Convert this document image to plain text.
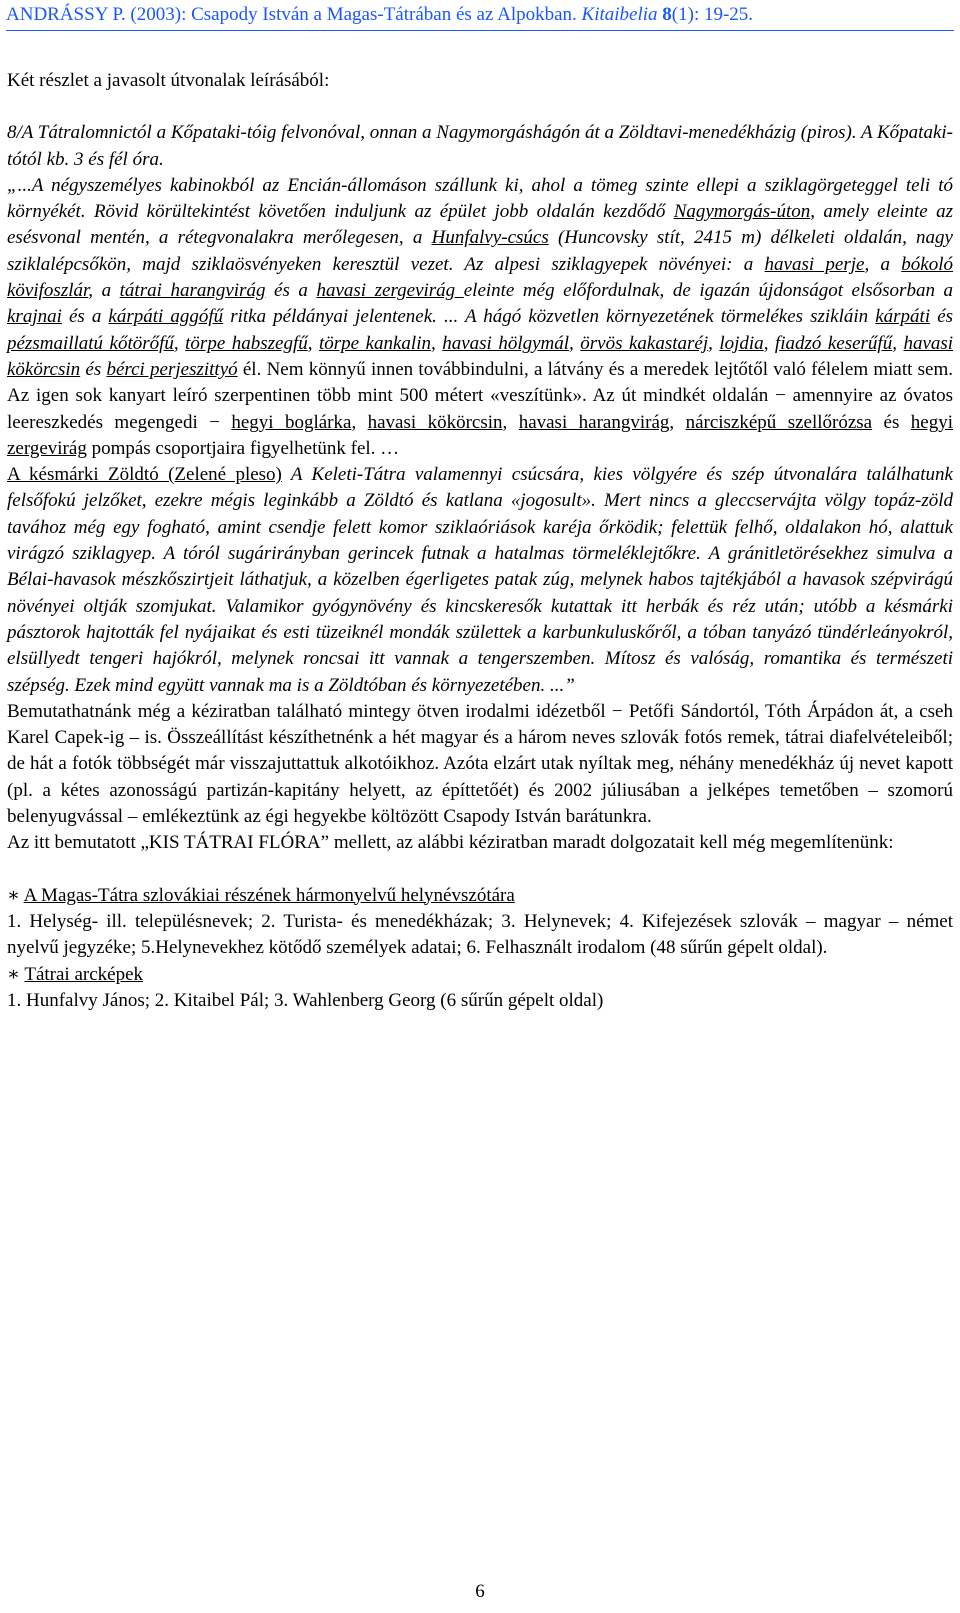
ANDRÁSSY P. (2003): Csapody István a Magas-Tátrában és az Alpokban. Kitaibelia 8(1): 19-25.

Két részlet a javasolt útvonalak leírásából:

8/A Tátralomnictól a Kőpataki-tóig felvonóval, onnan a Nagymorgáshágón át a Zöldtavi-menedékházig (piros). A Kőpataki-tótól kb. 3 és fél óra.

„...A négyszemélyes kabinokból az Encián-állomáson szállunk ki, ahol a tömeg szinte ellepi a sziklagörgeteggel teli tó környékét. Rövid körültekintést követően induljunk az épület jobb oldalán kezdődő Nagymorgás-úton, amely eleinte az esésvonal mentén, a rétegvonalakra merőlegesen, a Hunfalvy-csúcs (Huncovsky stít, 2415 m) délkeleti oldalán, nagy sziklalépcsőkön, majd sziklaösvényeken keresztül vezet. Az alpesi sziklagyepek növényei: a havasi perje, a bókoló kövifoszlár, a tátrai harangvirág és a havasi zergevirág eleinte még előfordulnak, de igazán újdonságot elsősorban a krajnai és a kárpáti aggófű ritka példányai jelentenek. ... A hágó közvetlen környezetének törmelékes szikláin kárpáti és pézsmaillatú kőtörőfű, törpe habszegfű, törpe kankalin, havasi hölgymál, örvös kakastaréj, lojdia, fiadzó keserűfű, havasi kökörcsin és bérci perjeszittyó él. Nem könnyű innen továbbindulni, a látvány és a meredek lejtőtől való félelem miatt sem. Az igen sok kanyart leíró szerpentinen több mint 500 métert «veszítünk». Az út mindkét oldalán − amennyire az óvatos leereszkedés megengedi − hegyi boglárka, havasi kökörcsin, havasi harangvirág, nárciszképű szellőrózsa és hegyi zergevirág pompás csoportjaira figyelhetünk fel. …

A késmárki Zöldtó (Zelené pleso) A Keleti-Tátra valamennyi csúcsára, kies völgyére és szép útvonalára találhatunk felsőfokú jelzőket, ezekre mégis leginkább a Zöldtó és katlana «jogosult». Mert nincs a gleccservájta völgy topáz-zöld tavához még egy fogható, amint csendje felett komor sziklaóriások karéja őrködik; felettük felhő, oldalakon hó, alattuk virágzó sziklagyep. A tóról sugárirányban gerincek futnak a hatalmas törmeléklejtőkre. A gránitletörésekhez simulva a Bélai-havasok mészkőszirtjeit láthatjuk, a közelben égerligetes patak zúg, melynek habos tajtékjából a havasok szépvirágú növényei oltják szomjukat. Valamikor gyógynövény és kincskeresők kutattak itt herbák és réz után; utóbb a késmárki pásztorok hajtották fel nyájaikat és esti tüzeiknél mondák születtek a karbunkuluskőről, a tóban tanyázó tündérleányokról, elsüllyedt tengeri hajókról, melynek roncsai itt vannak a tengerszemben. Mítosz és valóság, romantika és természeti szépség. Ezek mind együtt vannak ma is a Zöldtóban és környezetében. ...”

Bemutathatnánk még a kéziratban található mintegy ötven irodalmi idézetből − Petőfi Sándortól, Tóth Árpádon át, a cseh Karel Capek-ig – is. Összeállítást készíthetnénk a hét magyar és a három neves szlovák fotós remek, tátrai diafelvételeiből; de hát a fotók többségét már visszajuttattuk alkotóikhoz. Azóta elzárt utak nyíltak meg, néhány menedékház új nevet kapott (pl. a kétes azonosságú partizán-kapitány helyett, az építtetőét) és 2002 júliusában a jelképes temetőben – szomorú belenyugvással – emlékeztünk az égi hegyekbe költözött Csapody István barátunkra.

Az itt bemutatott „KIS TÁTRAI FLÓRA” mellett, az alábbi kéziratban maradt dolgozatait kell még megemlítenünk:

∗ A Magas-Tátra szlovákiai részének hármonyelvű helynévszótára

1. Helység- ill. településnevek; 2. Turista- és menedékházak; 3. Helynevek; 4. Kifejezések szlovák – magyar – német nyelvű jegyzéke; 5.Helynevekhez kötődő személyek adatai; 6. Felhasznált irodalom (48 sűrűn gépelt oldal).

∗ Tátrai arcképek

1. Hunfalvy János; 2. Kitaibel Pál; 3. Wahlenberg Georg (6 sűrűn gépelt oldal)

6
